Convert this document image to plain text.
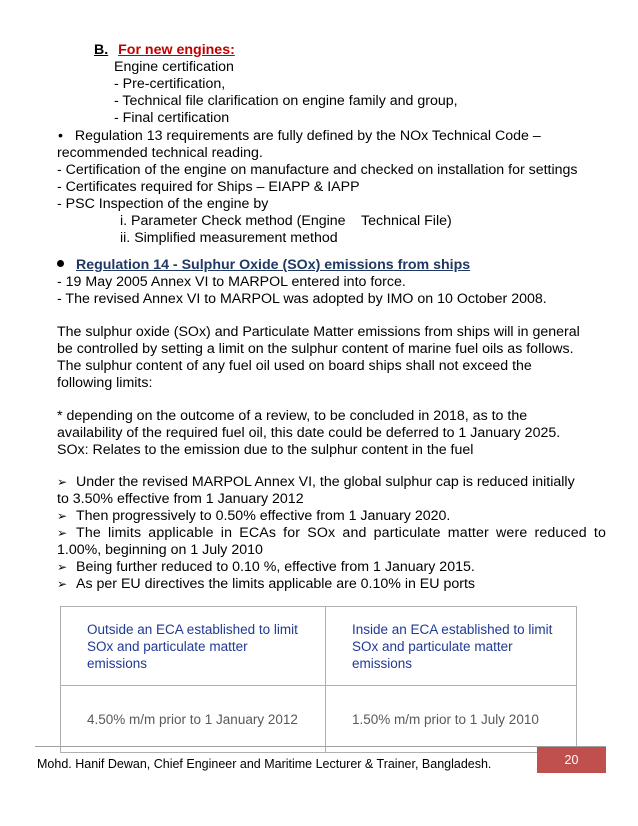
B. For new engines:
Engine certification
- Pre-certification,
- Technical file clarification on engine family and group,
- Final certification
• Regulation 13 requirements are fully defined by the NOx Technical Code –
recommended technical reading.
- Certification of the engine on manufacture and checked on installation for settings
- Certificates required for Ships – EIAPP & IAPP
- PSC Inspection of the engine by
i. Parameter Check method (Engine    Technical File)
ii. Simplified measurement method
Regulation 14 - Sulphur Oxide (SOx) emissions from ships
- 19 May 2005 Annex VI to MARPOL entered into force.
- The revised Annex VI to MARPOL was adopted by IMO on 10 October 2008.
The sulphur oxide (SOx) and Particulate Matter emissions from ships will in general
be controlled by setting a limit on the sulphur content of marine fuel oils as follows.
The sulphur content of any fuel oil used on board ships shall not exceed the
following limits:
* depending on the outcome of a review, to be concluded in 2018, as to the
availability of the required fuel oil, this date could be deferred to 1 January 2025.
SOx: Relates to the emission due to the sulphur content in the fuel
➢ Under the revised MARPOL Annex VI, the global sulphur cap is reduced initially
to 3.50% effective from 1 January 2012
➢ Then progressively to 0.50% effective from 1 January 2020.
➢ The limits applicable in ECAs for SOx and particulate matter were reduced to
1.00%, beginning on 1 July 2010
➢ Being further reduced to 0.10 %, effective from 1 January 2015.
➢ As per EU directives the limits applicable are 0.10% in EU ports
Outside an ECA established to limit SOx and particulate matter emissions	Inside an ECA established to limit SOx and particulate matter emissions
4.50% m/m prior to 1 January 2012	1.50% m/m prior to 1 July 2010
Mohd. Hanif Dewan, Chief Engineer and Maritime Lecturer & Trainer, Bangladesh.	20
